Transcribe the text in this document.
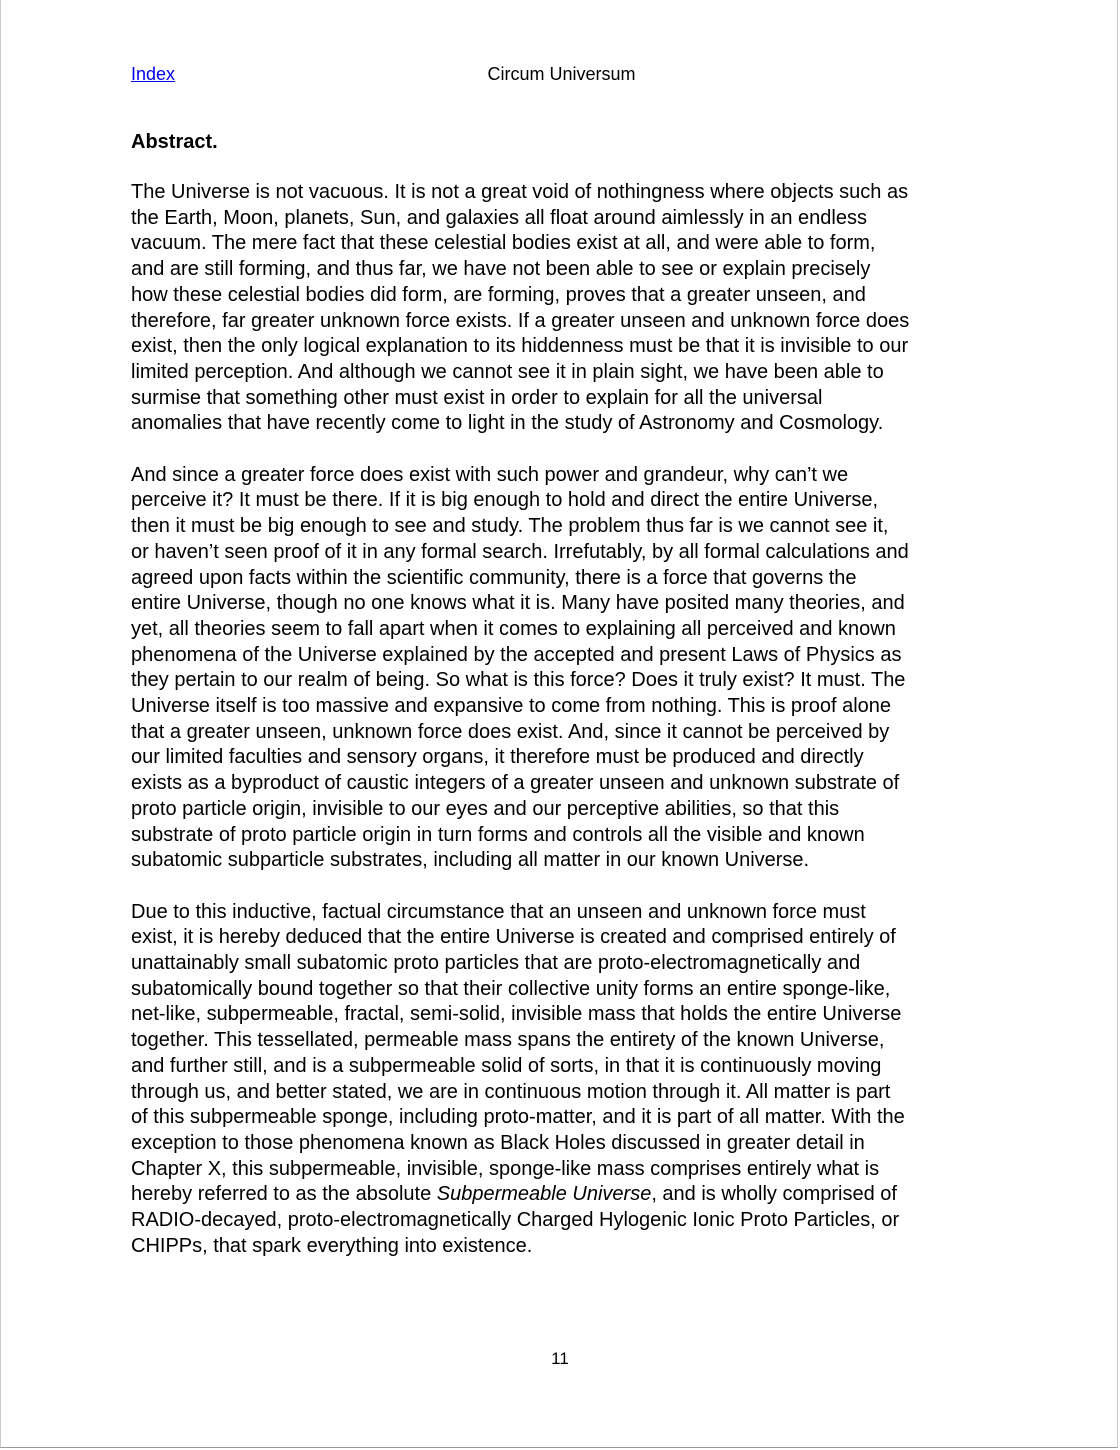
Index	Circum Universum
Abstract.

The Universe is not vacuous. It is not a great void of nothingness where objects such as
the Earth, Moon, planets, Sun, and galaxies all float around aimlessly in an endless
vacuum. The mere fact that these celestial bodies exist at all, and were able to form,
and are still forming, and thus far, we have not been able to see or explain precisely
how these celestial bodies did form, are forming, proves that a greater unseen, and
therefore, far greater unknown force exists. If a greater unseen and unknown force does
exist, then the only logical explanation to its hiddenness must be that it is invisible to our
limited perception. And although we cannot see it in plain sight, we have been able to
surmise that something other must exist in order to explain for all the universal
anomalies that have recently come to light in the study of Astronomy and Cosmology.

And since a greater force does exist with such power and grandeur, why can’t we
perceive it? It must be there. If it is big enough to hold and direct the entire Universe,
then it must be big enough to see and study. The problem thus far is we cannot see it,
or haven’t seen proof of it in any formal search. Irrefutably, by all formal calculations and
agreed upon facts within the scientific community, there is a force that governs the
entire Universe, though no one knows what it is. Many have posited many theories, and
yet, all theories seem to fall apart when it comes to explaining all perceived and known
phenomena of the Universe explained by the accepted and present Laws of Physics as
they pertain to our realm of being. So what is this force? Does it truly exist? It must. The
Universe itself is too massive and expansive to come from nothing. This is proof alone
that a greater unseen, unknown force does exist. And, since it cannot be perceived by
our limited faculties and sensory organs, it therefore must be produced and directly
exists as a byproduct of caustic integers of a greater unseen and unknown substrate of
proto particle origin, invisible to our eyes and our perceptive abilities, so that this
substrate of proto particle origin in turn forms and controls all the visible and known
subatomic subparticle substrates, including all matter in our known Universe.

Due to this inductive, factual circumstance that an unseen and unknown force must
exist, it is hereby deduced that the entire Universe is created and comprised entirely of
unattainably small subatomic proto particles that are proto-electromagnetically and
subatomically bound together so that their collective unity forms an entire sponge-like,
net-like, subpermeable, fractal, semi-solid, invisible mass that holds the entire Universe
together. This tessellated, permeable mass spans the entirety of the known Universe,
and further still, and is a subpermeable solid of sorts, in that it is continuously moving
through us, and better stated, we are in continuous motion through it. All matter is part
of this subpermeable sponge, including proto-matter, and it is part of all matter. With the
exception to those phenomena known as Black Holes discussed in greater detail in
Chapter X, this subpermeable, invisible, sponge-like mass comprises entirely what is
hereby referred to as the absolute Subpermeable Universe, and is wholly comprised of
RADIO-decayed, proto-electromagnetically Charged Hylogenic Ionic Proto Particles, or
CHIPPs, that spark everything into existence.

11
